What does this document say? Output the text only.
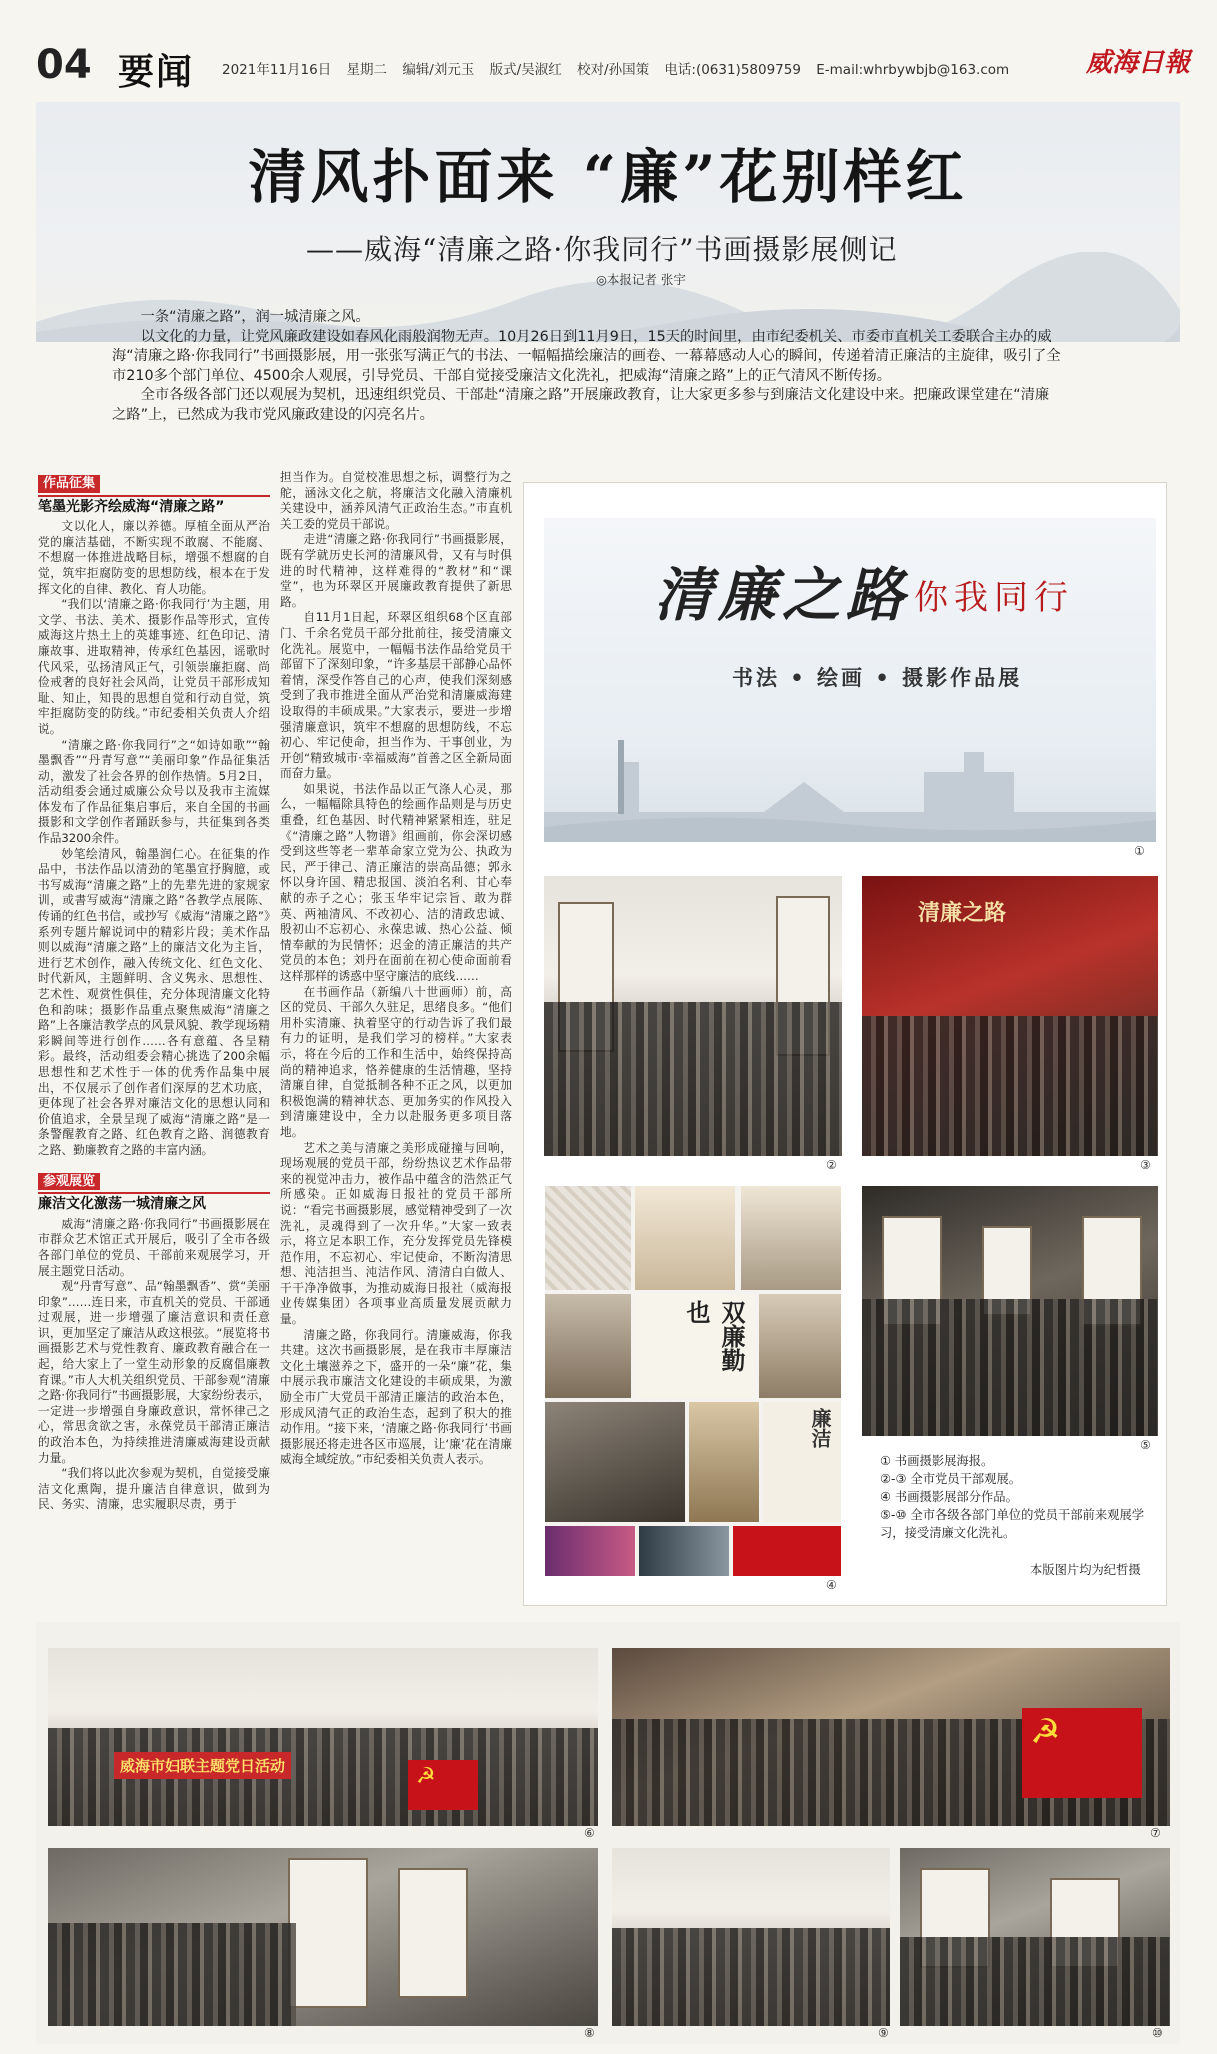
04 要闻 2021年11月16日 星期二 编辑/刘元玉 版式/吴淑红 校对/孙国策 电话:(0631)5809759 E-mail:whrbywbjb@163.com	威海日報
清风扑面来 “廉”花别样红
——威海“清廉之路·你我同行”书画摄影展侧记
◎本报记者 张宇

一条“清廉之路”，润一城清廉之风。

以文化的力量，让党风廉政建设如春风化雨般润物无声。10月26日到11月9日，15天的时间里，由市纪委机关、市委市直机关工委联合主办的威海“清廉之路·你我同行”书画摄影展，用一张张写满正气的书法、一幅幅描绘廉洁的画卷、一幕幕感动人心的瞬间，传递着清正廉洁的主旋律，吸引了全市210多个部门单位、4500余人观展，引导党员、干部自觉接受廉洁文化洗礼，把威海“清廉之路”上的正气清风不断传扬。

全市各级各部门还以观展为契机，迅速组织党员、干部赴“清廉之路”开展廉政教育，让大家更多参与到廉洁文化建设中来。把廉政课堂建在“清廉之路”上，已然成为我市党风廉政建设的闪亮名片。

作品征集
笔墨光影齐绘威海“清廉之路”

文以化人，廉以养德。厚植全面从严治党的廉洁基础，不断实现不敢腐、不能腐、不想腐一体推进战略目标，增强不想腐的自觉，筑牢拒腐防变的思想防线，根本在于发挥文化的自律、教化、育人功能。

“我们以‘清廉之路·你我同行’为主题，用文学、书法、美术、摄影作品等形式，宣传威海这片热土上的英雄事迹、红色印记、清廉故事、进取精神，传承红色基因，谣歌时代风采，弘扬清风正气，引领崇廉拒腐、尚俭戒奢的良好社会风尚，让党员干部形成知耻、知止，知畏的思想自觉和行动自觉，筑牢拒腐防变的防线。”市纪委相关负责人介绍说。

“清廉之路·你我同行”之“如诗如歌”“翰墨飘香”“丹青写意”“美丽印象”作品征集活动，激发了社会各界的创作热情。5月2日，活动组委会通过威廉公众号以及我市主流媒体发布了作品征集启事后，来自全国的书画摄影和文学创作者踊跃参与，共征集到各类作品3200余件。

妙笔绘清风，翰墨润仁心。在征集的作品中，书法作品以清劲的笔墨宣抒胸臆，或书写威海“清廉之路”上的先辈先进的家规家训，或書写威海“清廉之路”各教学点展陈、传诵的红色书信，或抄写《威海“清廉之路”》系列专题片解说词中的精彩片段；美术作品则以威海“清廉之路”上的廉洁文化为主旨，进行艺术创作，融入传统文化、红色文化、时代新风，主题鲜明、含义隽永、思想性、艺术性、观赏性俱佳，充分体现清廉文化特色和韵味；摄影作品重点聚焦威海“清廉之路”上各廉洁教学点的风景风貌、教学现场精彩瞬间等进行创作……各有意蕴、各呈精彩。最终，活动组委会精心挑选了200余幅思想性和艺术性于一体的优秀作品集中展出，不仅展示了创作者们深厚的艺术功底，更体现了社会各界对廉洁文化的思想认同和价值追求，全景呈现了威海“清廉之路”是一条警醒教育之路、红色教育之路、润德教育之路、勤廉教育之路的丰富内涵。

参观展览
廉洁文化激荡一城清廉之风

威海“清廉之路·你我同行”书画摄影展在市群众艺术馆正式开展后，吸引了全市各级各部门单位的党员、干部前来观展学习，开展主题党日活动。

观“丹青写意”、品“翰墨飘香”、赏“美丽印象”……连日来，市直机关的党员、干部通过观展，进一步增强了廉洁意识和责任意识，更加坚定了廉洁从政这根弦。“展览将书画摄影艺术与党性教育、廉政教育融合在一起，给大家上了一堂生动形象的反腐倡廉教育课。”市人大机关组织党员、干部参观“清廉之路·你我同行”书画摄影展，大家纷纷表示，一定进一步增强自身廉政意识，常怀律己之心，常思贪欲之害，永葆党员干部清正廉洁的政治本色，为持续推进清廉威海建设贡献力量。

“我们将以此次参观为契机，自觉接受廉洁文化熏陶，提升廉洁自律意识，做到为民、务实、清廉，忠实履职尽责，勇于

担当作为。自觉校准思想之标，调整行为之舵，涵泳文化之航，将廉洁文化融入清廉机关建设中，涵养风清气正政治生态。”市直机关工委的党员干部说。

走进“清廉之路·你我同行”书画摄影展，既有学就历史长河的清廉风骨，又有与时俱进的时代精神，这样难得的“教材”和“课堂”，也为环翠区开展廉政教育提供了新思路。

自11月1日起，环翠区组织68个区直部门、千余名党员干部分批前往，接受清廉文化洗礼。展览中，一幅幅书法作品给党员干部留下了深刻印象，“许多基层干部静心品怀着情，深受作答自己的心声，使我们深刻感受到了我市推进全面从严治党和清廉威海建设取得的丰硕成果。”大家表示，要进一步增强清廉意识，筑牢不想腐的思想防线，不忘初心、牢记使命，担当作为、干事创业，为开创“精致城市·幸福威海”首善之区全新局面而奋力量。

如果说，书法作品以正气涤人心灵，那么，一幅幅除具特色的绘画作品则是与历史重叠，红色基因、时代精神紧紧相连，驻足《“清廉之路”人物谱》组画前，你会深切感受到这些等老一辈革命家立党为公、执政为民，严于律己、清正廉洁的崇高品德；郭永怀以身许国、精忠报国、淡泊名利、甘心奉献的赤子之心；张玉华牢记宗旨、敢为群英、两袖清风、不改初心、洁的清政忠诚、殷初山不忘初心、永葆忠诚、热心公益、倾情奉献的为民情怀；迟金的清正廉洁的共产党员的本色；刘丹在面前在初心使命面前看这样那样的诱惑中坚守廉洁的底线……

在书画作品（新编八十世画师）前，高区的党员、干部久久驻足，思绪良多。“他们用朴实清廉、执着坚守的行动告诉了我们最有力的证明，是我们学习的榜样。”大家表示，将在今后的工作和生活中，始终保持高尚的精神追求，恪养健康的生活情趣，坚持清廉自律，自觉抵制各种不正之风，以更加积极饱满的精神状态、更加务实的作风投入到清廉建设中，全力以赴服务更多项目落地。

艺术之美与清廉之美形成碰撞与回响，现场观展的党员干部，纷纷热议艺术作品带来的视觉冲击力，被作品中蕴含的浩然正气所感染。正如威海日报社的党员干部所说：“看完书画摄影展，感觉精神受到了一次洗礼，灵魂得到了一次升华。”大家一致表示，将立足本职工作，充分发挥党员先锋模范作用，不忘初心、牢记使命，不断沟清思想、沌洁担当、沌洁作风、清清白白做人、干干净净做事，为推动威海日报社（威海报业传媒集团）各项事业高质量发展贡献力量。

清廉之路，你我同行。清廉威海，你我共建。这次书画摄影展，是在我市丰厚廉洁文化土壤滋养之下，盛开的一朵“廉”花，集中展示我市廉洁文化建设的丰硕成果，为激励全市广大党员干部清正廉洁的政治本色，形成风清气正的政治生态，起到了积大的推动作用。“接下来，‘清廉之路·你我同行’书画摄影展还将走进各区市巡展，让‘廉’花在清廉威海全域绽放。”市纪委相关负责人表示。

清廉之路 你我同行
书法 • 绘画 • 摄影作品展
①
②
清廉之路
③
双廉勤也
廉洁
④
⑤
① 书画摄影展海报。
②-③ 全市党员干部观展。
④ 书画摄影展部分作品。
⑤-⑩ 全市各级各部门单位的党员干部前来观展学习，接受清廉文化洗礼。
本版图片均为纪哲摄
威海市妇联主题党日活动	☭
⑥
☭
⑦
⑧	⑨	⑩
